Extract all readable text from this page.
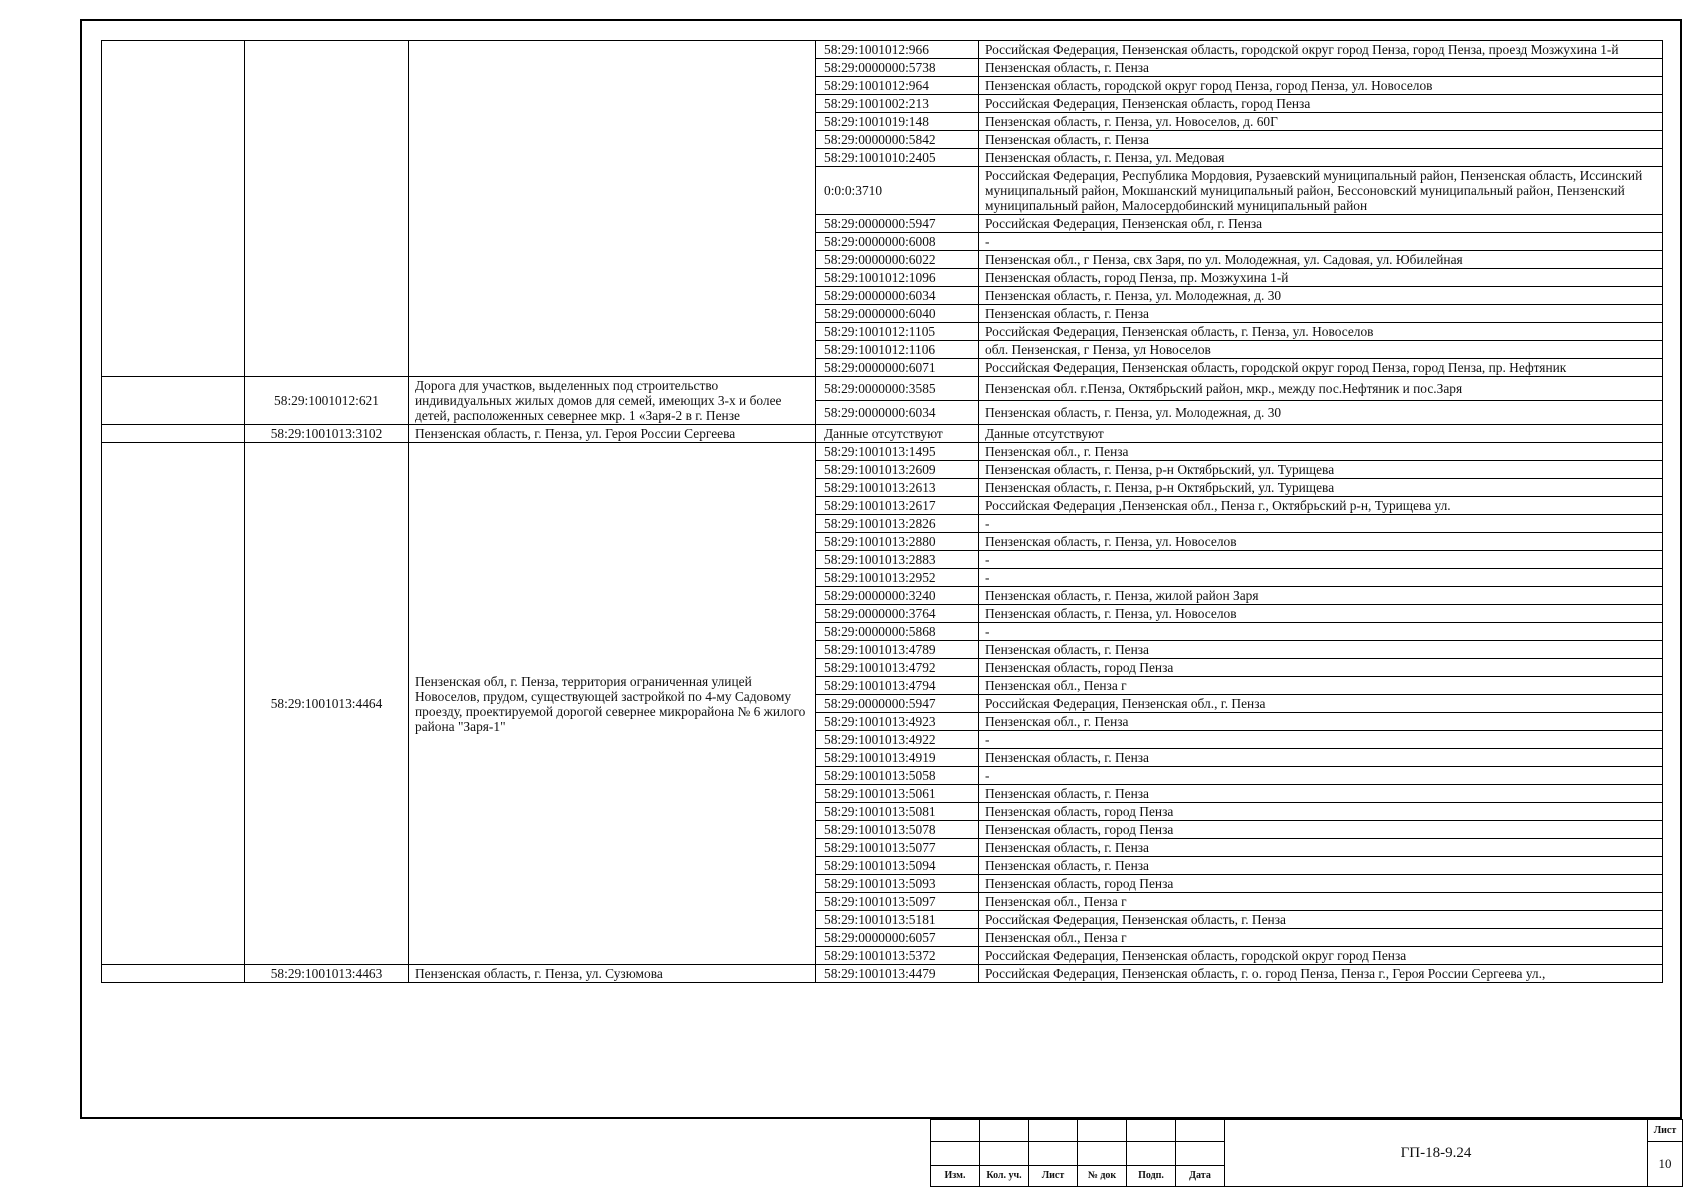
			58:29:1001012:966	Российская Федерация, Пензенская область, городской округ город Пенза, город Пенза, проезд Мозжухина 1-й
			58:29:0000000:5738	Пензенская область, г. Пенза
			58:29:1001012:964	Пензенская область, городской округ город Пенза, город Пенза, ул. Новоселов
			58:29:1001002:213	Российская Федерация, Пензенская область, город Пенза
			58:29:1001019:148	Пензенская область, г. Пенза, ул. Новоселов, д. 60Г
			58:29:0000000:5842	Пензенская область, г. Пенза
			58:29:1001010:2405	Пензенская область, г. Пенза, ул. Медовая
			0:0:0:3710	Российская Федерация, Республика Мордовия, Рузаевский муниципальный район, Пензенская область, Иссинский муниципальный район, Мокшанский муниципальный район, Бессоновский муниципальный район, Пензенский муниципальный район, Малосердобинский муниципальный район
			58:29:0000000:5947	Российская Федерация, Пензенская обл, г. Пенза
			58:29:0000000:6008	-
			58:29:0000000:6022	Пензенская обл., г Пенза, свх Заря, по ул. Молодежная, ул. Садовая, ул. Юбилейная
			58:29:1001012:1096	Пензенская область, город Пенза, пр. Мозжухина 1-й
			58:29:0000000:6034	Пензенская область, г. Пенза, ул. Молодежная, д. 30
			58:29:0000000:6040	Пензенская область, г. Пенза
			58:29:1001012:1105	Российская Федерация, Пензенская область, г. Пенза, ул. Новоселов
			58:29:1001012:1106	обл. Пензенская, г Пенза, ул Новоселов
			58:29:0000000:6071	Российская Федерация, Пензенская область, городской округ город Пенза, город Пенза, пр. Нефтяник
	58:29:1001012:621	Дорога для участков, выделенных под строительство индивидуальных жилых домов для семей, имеющих 3-х и более детей, расположенных севернее мкр. 1 «Заря-2 в г. Пензе	58:29:0000000:3585	Пензенская обл. г.Пенза, Октябрьский район, мкр., между пос.Нефтяник и пос.Заря
			58:29:0000000:6034	Пензенская область, г. Пенза, ул. Молодежная, д. 30
	58:29:1001013:3102	Пензенская область, г. Пенза, ул. Героя России Сергеева	Данные отсутствуют	Данные отсутствуют
	58:29:1001013:4464	Пензенская обл, г. Пенза, территория ограниченная улицей Новоселов, прудом, существующей застройкой по 4-му Садовому проезду, проектируемой дорогой севернее микрорайона № 6 жилого района "Заря-1"	58:29:1001013:1495	Пензенская обл., г. Пенза
			58:29:1001013:2609	Пензенская область, г. Пенза, р-н Октябрьский, ул. Турищева
			58:29:1001013:2613	Пензенская область, г. Пенза, р-н Октябрьский, ул. Турищева
			58:29:1001013:2617	Российская Федерация ,Пензенская обл., Пенза г., Октябрьский р-н, Турищева ул.
			58:29:1001013:2826	-
			58:29:1001013:2880	Пензенская область, г. Пенза, ул. Новоселов
			58:29:1001013:2883	-
			58:29:1001013:2952	-
			58:29:0000000:3240	Пензенская область, г. Пенза, жилой район Заря
			58:29:0000000:3764	Пензенская область, г. Пенза, ул. Новоселов
			58:29:0000000:5868	-
			58:29:1001013:4789	Пензенская область, г. Пенза
			58:29:1001013:4792	Пензенская область, город Пенза
			58:29:1001013:4794	Пензенская обл., Пенза г
			58:29:0000000:5947	Российская Федерация, Пензенская обл., г. Пенза
			58:29:1001013:4923	Пензенская обл., г. Пенза
			58:29:1001013:4922	-
			58:29:1001013:4919	Пензенская область, г. Пенза
			58:29:1001013:5058	-
			58:29:1001013:5061	Пензенская область, г. Пенза
			58:29:1001013:5081	Пензенская область, город Пенза
			58:29:1001013:5078	Пензенская область, город Пенза
			58:29:1001013:5077	Пензенская область, г. Пенза
			58:29:1001013:5094	Пензенская область, г. Пенза
			58:29:1001013:5093	Пензенская область, город Пенза
			58:29:1001013:5097	Пензенская обл., Пенза г
			58:29:1001013:5181	Российская Федерация, Пензенская область, г. Пенза
			58:29:0000000:6057	Пензенская обл., Пенза г
			58:29:1001013:5372	Российская Федерация, Пензенская область, городской округ город Пенза
	58:29:1001013:4463	Пензенская область, г. Пенза, ул. Сузюмова	58:29:1001013:4479	Российская Федерация, Пензенская область, г. о. город Пенза, Пенза г., Героя России Сергеева ул.,
						ГП-18-9.24	Лист
							10
Изм.	Кол. уч.	Лист	№ док	Подп.	Дата		
